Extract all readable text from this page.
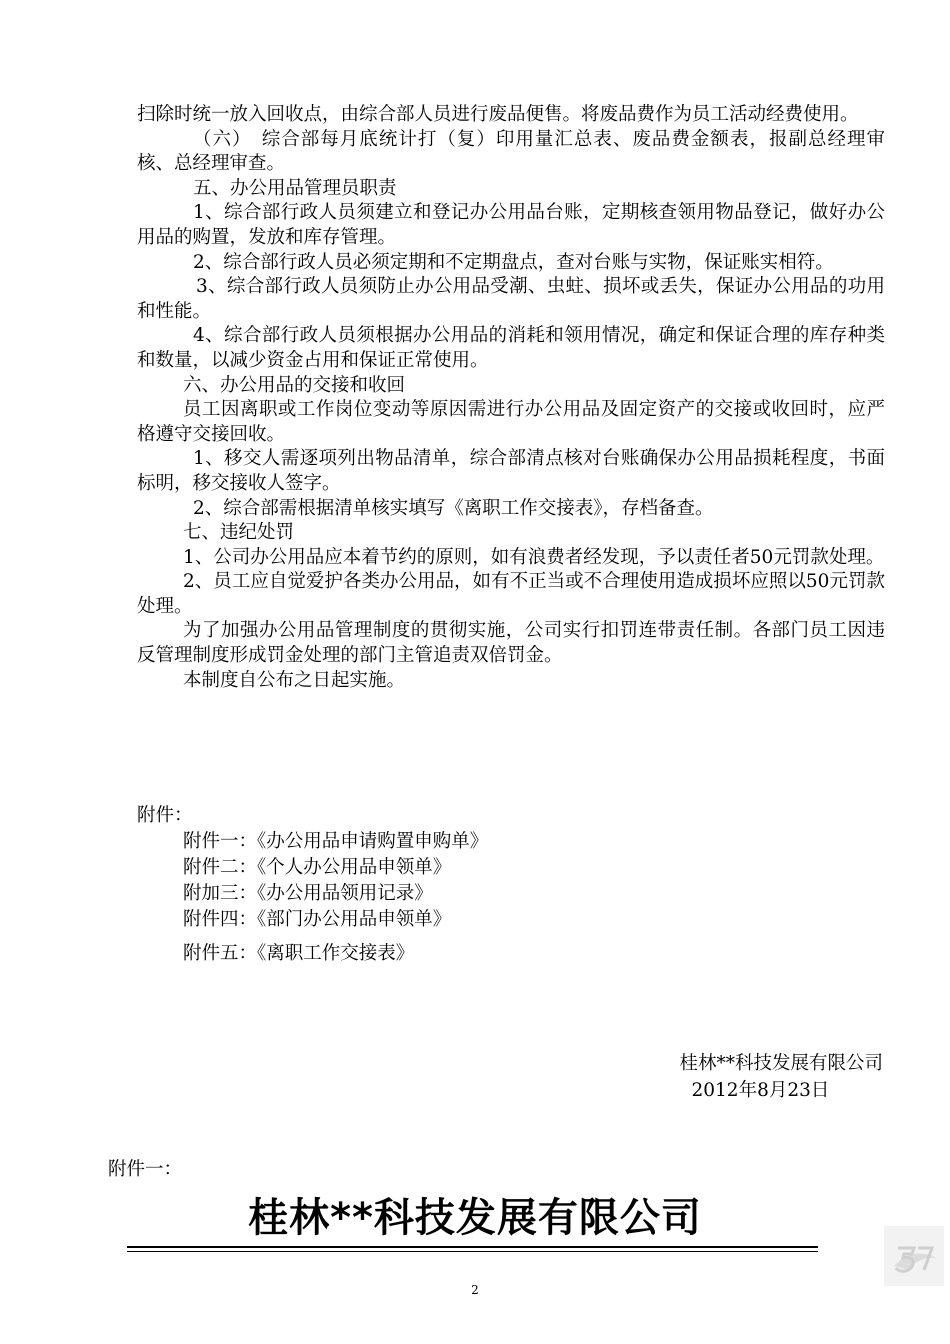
扫除时统一放入回收点，由综合部人员进行废品便售。将废品费作为员工活动经费使用。

（六）　综合部每月底统计打（复）印用量汇总表、废品费金额表，报副总经理审核、总经理审查。

五、办公用品管理员职责

1、综合部行政人员须建立和登记办公用品台账，定期核查领用物品登记，做好办公用品的购置，发放和库存管理。

2、综合部行政人员必须定期和不定期盘点，查对台账与实物，保证账实相符。

3、综合部行政人员须防止办公用品受潮、虫蛀、损坏或丢失，保证办公用品的功用和性能。

4、综合部行政人员须根据办公用品的消耗和领用情况，确定和保证合理的库存种类和数量，以减少资金占用和保证正常使用。

六、办公用品的交接和收回

员工因离职或工作岗位变动等原因需进行办公用品及固定资产的交接或收回时，应严格遵守交接回收。

1、移交人需逐项列出物品清单，综合部清点核对台账确保办公用品损耗程度，书面标明，移交接收人签字。

2、综合部需根据清单核实填写《离职工作交接表》，存档备查。

七、违纪处罚

1、公司办公用品应本着节约的原则，如有浪费者经发现，予以责任者50元罚款处理。

2、员工应自觉爱护各类办公用品，如有不正当或不合理使用造成损坏应照以50元罚款处理。

为了加强办公用品管理制度的贯彻实施，公司实行扣罚连带责任制。各部门员工因违反管理制度形成罚金处理的部门主管追责双倍罚金。

本制度自公布之日起实施。

附件：
附件一：《办公用品申请购置申购单》
附件二：《个人办公用品申领单》
附加三：《办公用品领用记录》
附件四：《部门办公用品申领单》
附件五：《离职工作交接表》
桂林**科技发展有限公司
2012年8月23日
附件一：
桂林**科技发展有限公司
2
